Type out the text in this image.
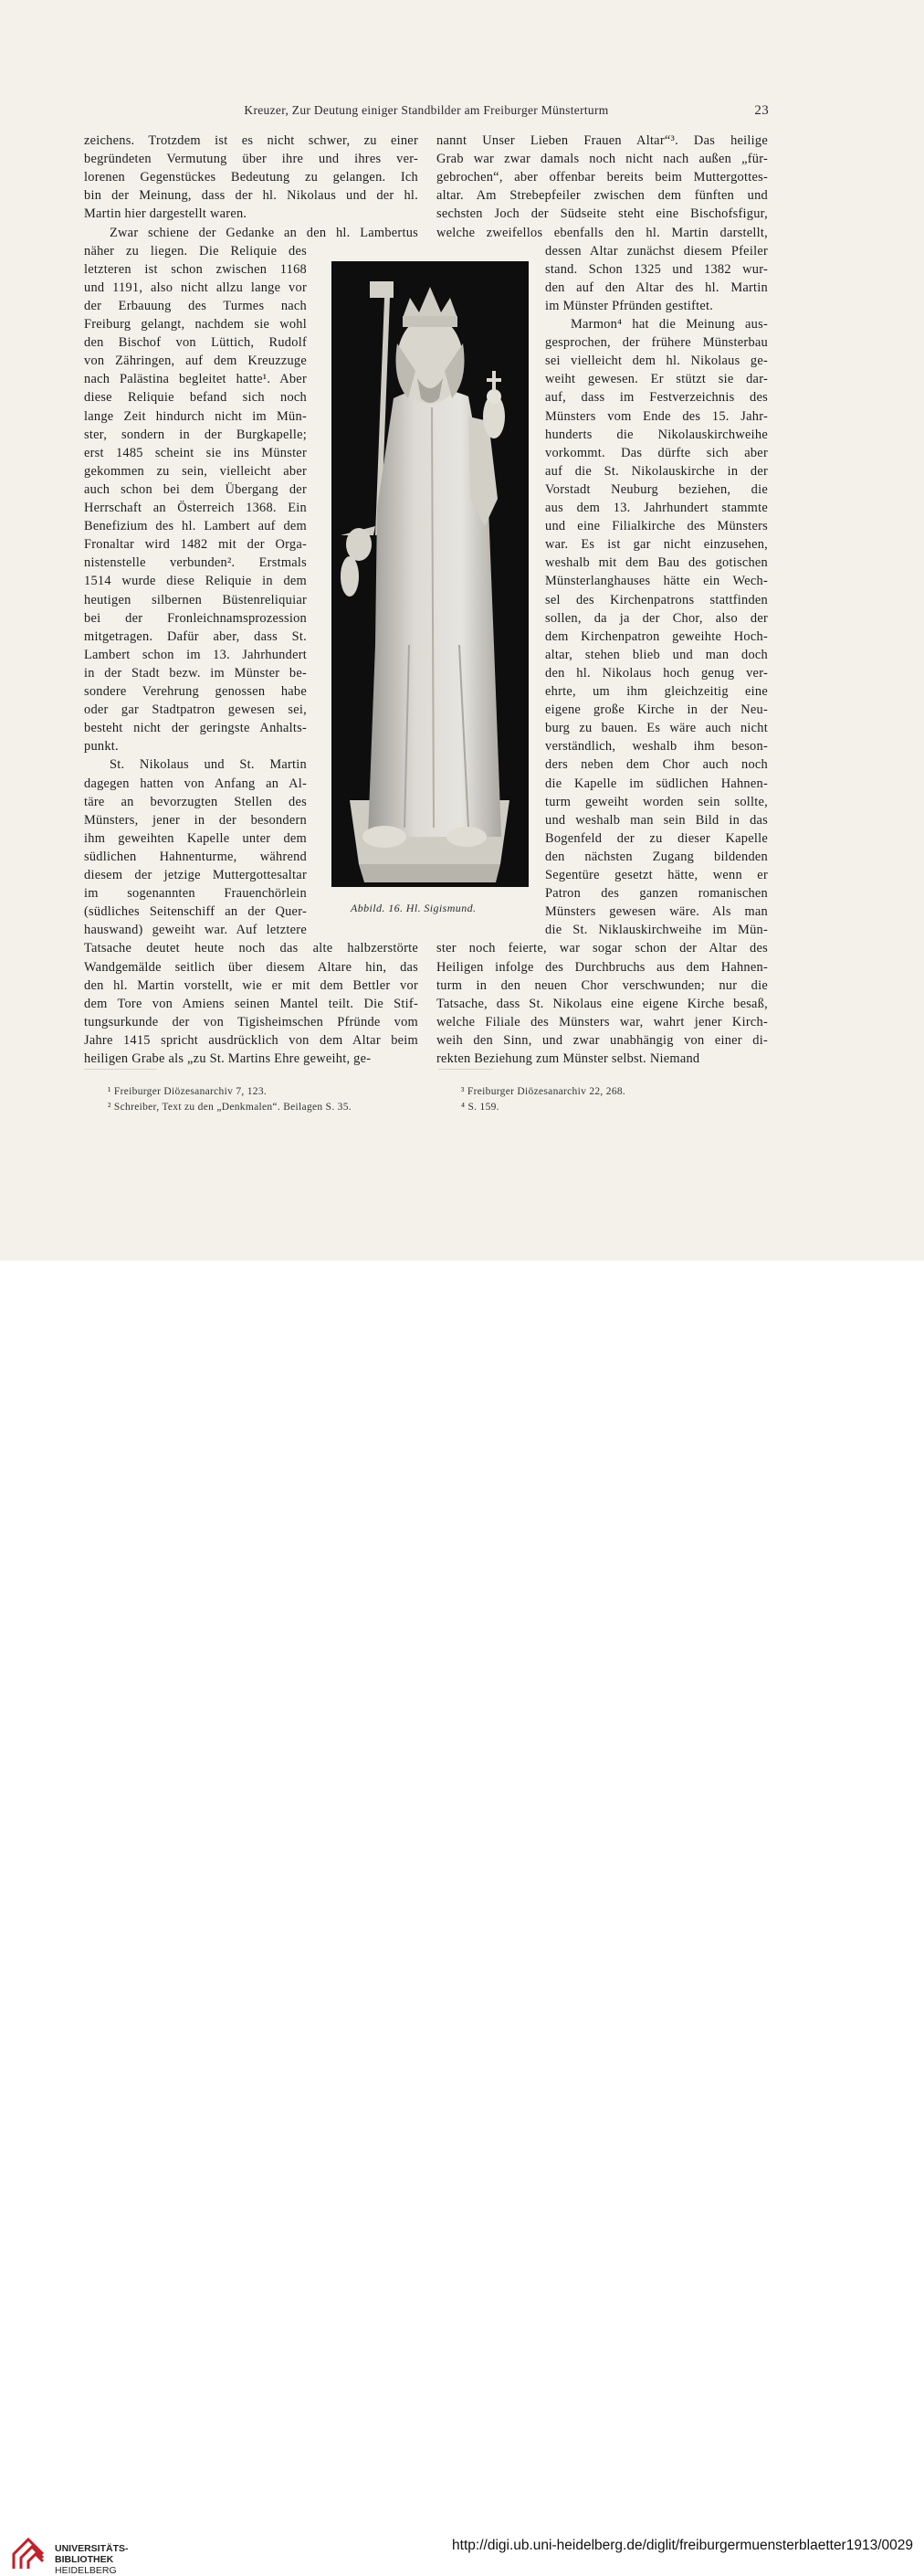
Kreuzer, Zur Deutung einiger Standbilder am Freiburger Münsterturm	23
zeichens. Trotzdem ist es nicht schwer, zu einer
begründeten Vermutung über ihre und ihres ver-
lorenen Gegenstückes Bedeutung zu gelangen. Ich
bin der Meinung, dass der hl. Nikolaus und der hl.
Martin hier dargestellt waren.
Zwar schiene der Gedanke an den hl. Lambertus
näher zu liegen. Die Reliquie des
letzteren ist schon zwischen 1168
und 1191, also nicht allzu lange vor
der Erbauung des Turmes nach
Freiburg gelangt, nachdem sie wohl
den Bischof von Lüttich, Rudolf
von Zähringen, auf dem Kreuzzuge
nach Palästina begleitet hatte¹. Aber
diese Reliquie befand sich noch
lange Zeit hindurch nicht im Mün-
ster, sondern in der Burgkapelle;
erst 1485 scheint sie ins Münster
gekommen zu sein, vielleicht aber
auch schon bei dem Übergang der
Herrschaft an Österreich 1368. Ein
Benefizium des hl. Lambert auf dem
Fronaltar wird 1482 mit der Orga-
nistenstelle verbunden². Erstmals
1514 wurde diese Reliquie in dem
heutigen silbernen Büstenreliquiar
bei der Fronleichnamsprozession
mitgetragen. Dafür aber, dass St.
Lambert schon im 13. Jahrhundert
in der Stadt bezw. im Münster be-
sondere Verehrung genossen habe
oder gar Stadtpatron gewesen sei,
besteht nicht der geringste Anhalts-
punkt.
St. Nikolaus und St. Martin
dagegen hatten von Anfang an Al-
täre an bevorzugten Stellen des
Münsters, jener in der besondern
ihm geweihten Kapelle unter dem
südlichen Hahnenturme, während
diesem der jetzige Muttergottesaltar
im sogenannten Frauenchörlein
(südliches Seitenschiff an der Quer-
hauswand) geweiht war. Auf letztere
Tatsache deutet heute noch das alte halbzerstörte
Wandgemälde seitlich über diesem Altare hin, das
den hl. Martin vorstellt, wie er mit dem Bettler vor
dem Tore von Amiens seinen Mantel teilt. Die Stif-
tungsurkunde der von Tigisheimschen Pfründe vom
Jahre 1415 spricht ausdrücklich von dem Altar beim
heiligen Grabe als „zu St. Martins Ehre geweiht, ge-
nannt Unser Lieben Frauen Altar“³. Das heilige
Grab war zwar damals noch nicht nach außen „für-
gebrochen“, aber offenbar bereits beim Muttergottes-
altar. Am Strebepfeiler zwischen dem fünften und
sechsten Joch der Südseite steht eine Bischofsfigur,
welche zweifellos ebenfalls den hl. Martin darstellt,
dessen Altar zunächst diesem Pfeiler
stand. Schon 1325 und 1382 wur-
den auf den Altar des hl. Martin
im Münster Pfründen gestiftet.
Marmon⁴ hat die Meinung aus-
gesprochen, der frühere Münsterbau
sei vielleicht dem hl. Nikolaus ge-
weiht gewesen. Er stützt sie dar-
auf, dass im Festverzeichnis des
Münsters vom Ende des 15. Jahr-
hunderts die Nikolauskirchweihe
vorkommt. Das dürfte sich aber
auf die St. Nikolauskirche in der
Vorstadt Neuburg beziehen, die
aus dem 13. Jahrhundert stammte
und eine Filialkirche des Münsters
war. Es ist gar nicht einzusehen,
weshalb mit dem Bau des gotischen
Münsterlanghauses hätte ein Wech-
sel des Kirchenpatrons stattfinden
sollen, da ja der Chor, also der
dem Kirchenpatron geweihte Hoch-
altar, stehen blieb und man doch
den hl. Nikolaus hoch genug ver-
ehrte, um ihm gleichzeitig eine
eigene große Kirche in der Neu-
burg zu bauen. Es wäre auch nicht
verständlich, weshalb ihm beson-
ders neben dem Chor auch noch
die Kapelle im südlichen Hahnen-
turm geweiht worden sein sollte,
und weshalb man sein Bild in das
Bogenfeld der zu dieser Kapelle
den nächsten Zugang bildenden
Segentüre gesetzt hätte, wenn er
Patron des ganzen romanischen
Münsters gewesen wäre. Als man
die St. Niklauskirchweihe im Mün-
ster noch feierte, war sogar schon der Altar des
Heiligen infolge des Durchbruchs aus dem Hahnen-
turm in den neuen Chor verschwunden; nur die
Tatsache, dass St. Nikolaus eine eigene Kirche besaß,
welche Filiale des Münsters war, wahrt jener Kirch-
weih den Sinn, und zwar unabhängig von einer di-
rekten Beziehung zum Münster selbst. Niemand
Abbild. 16. Hl. Sigismund.
¹ Freiburger Diözesanarchiv 7, 123.
² Schreiber, Text zu den „Denkmalen“. Beilagen S. 35.
³ Freiburger Diözesanarchiv 22, 268.
⁴ S. 159.
UNIVERSITÄTS-
BIBLIOTHEK
HEIDELBERG
http://digi.ub.uni-heidelberg.de/diglit/freiburgermuensterblaetter1913/0029
